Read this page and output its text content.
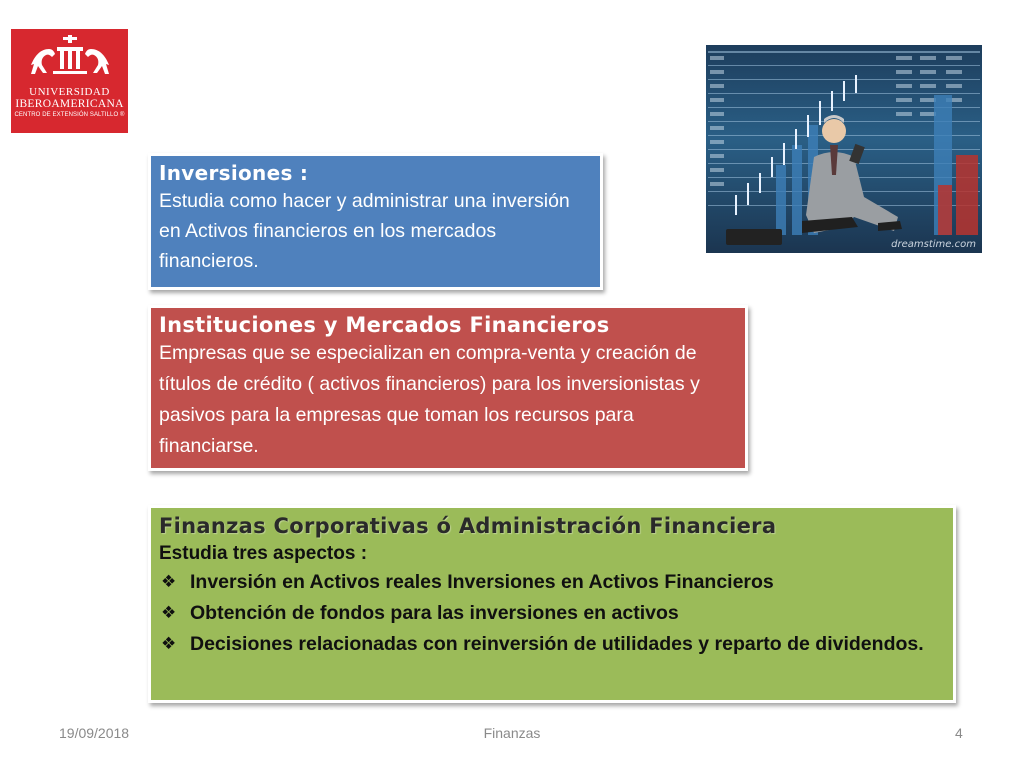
UNIVERSIDAD
IBEROAMERICANA
CENTRO DE EXTENSIÓN SALTILLO ®
dreamstime.com
Inversiones :

Estudia como hacer y administrar una inversión en Activos financieros en los mercados financieros.

Instituciones y Mercados Financieros

Empresas que se especializan en compra-venta y creación de títulos de crédito ( activos financieros) para los inversionistas y pasivos para la empresas que toman los recursos para financiarse.

Finanzas Corporativas ó Administración Financiera
Estudia tres aspectos :
❖ Inversión en Activos reales Inversiones en Activos Financieros
❖ Obtención de fondos para las inversiones en activos
❖ Decisiones relacionadas con reinversión de utilidades y reparto de dividendos.
19/09/2018	Finanzas	4
